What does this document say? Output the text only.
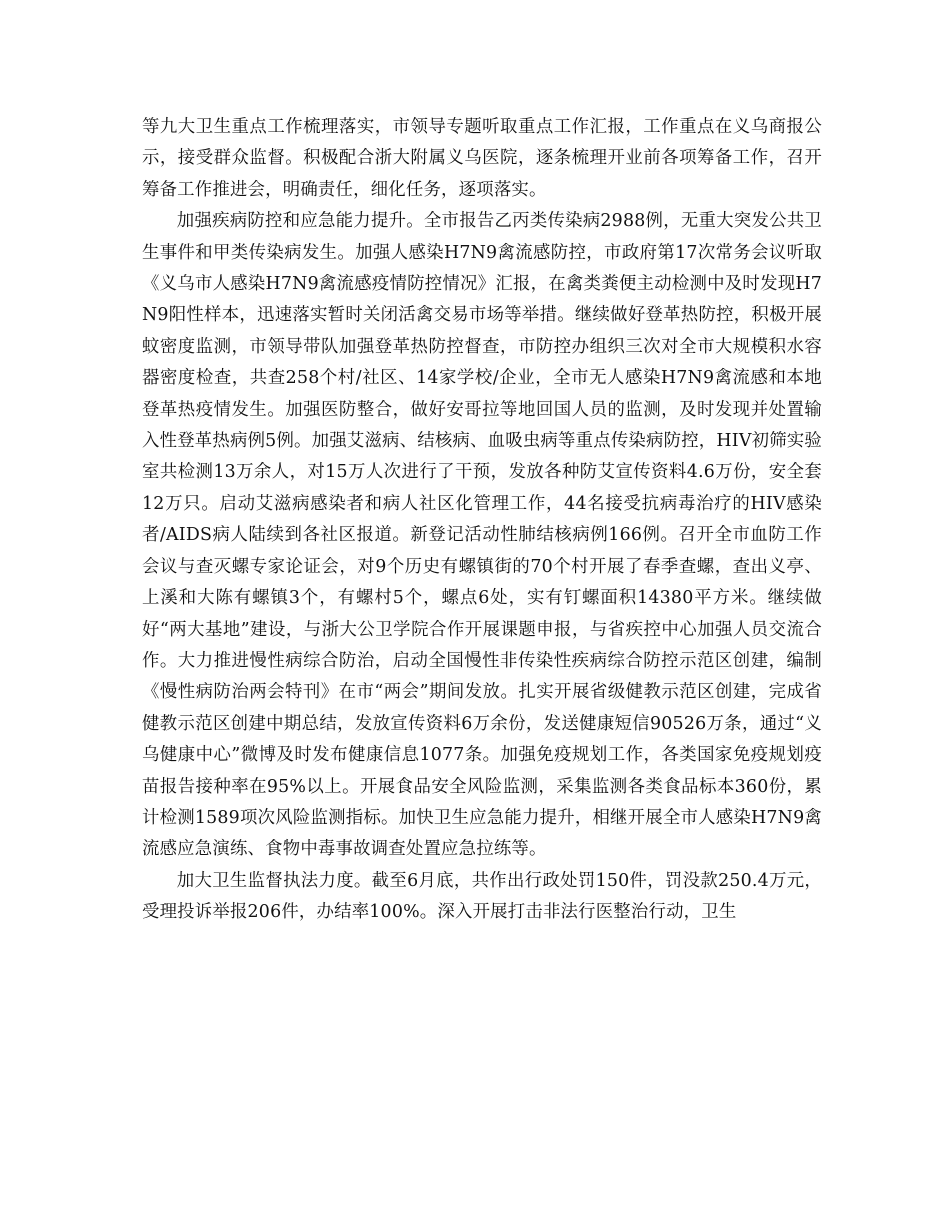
等九大卫生重点工作梳理落实，市领导专题听取重点工作汇报，工作重点在义乌商报公示，接受群众监督。积极配合浙大附属义乌医院，逐条梳理开业前各项筹备工作，召开筹备工作推进会，明确责任，细化任务，逐项落实。

加强疾病防控和应急能力提升。全市报告乙丙类传染病2988例，无重大突发公共卫生事件和甲类传染病发生。加强人感染H7N9禽流感防控，市政府第17次常务会议听取《义乌市人感染H7N9禽流感疫情防控情况》汇报，在禽类粪便主动检测中及时发现H7N9阳性样本，迅速落实暂时关闭活禽交易市场等举措。继续做好登革热防控，积极开展蚊密度监测，市领导带队加强登革热防控督查，市防控办组织三次对全市大规模积水容器密度检查，共查258个村/社区、14家学校/企业，全市无人感染H7N9禽流感和本地登革热疫情发生。加强医防整合，做好安哥拉等地回国人员的监测，及时发现并处置输入性登革热病例5例。加强艾滋病、结核病、血吸虫病等重点传染病防控，HIV初筛实验室共检测13万余人，对15万人次进行了干预，发放各种防艾宣传资料4.6万份，安全套12万只。启动艾滋病感染者和病人社区化管理工作，44名接受抗病毒治疗的HIV感染者/AIDS病人陆续到各社区报道。新登记活动性肺结核病例166例。召开全市血防工作会议与查灭螺专家论证会，对9个历史有螺镇街的70个村开展了春季查螺，查出义亭、上溪和大陈有螺镇3个，有螺村5个，螺点6处，实有钉螺面积14380平方米。继续做好“两大基地”建设，与浙大公卫学院合作开展课题申报，与省疾控中心加强人员交流合作。大力推进慢性病综合防治，启动全国慢性非传染性疾病综合防控示范区创建，编制《慢性病防治两会特刊》在市“两会”期间发放。扎实开展省级健教示范区创建，完成省健教示范区创建中期总结，发放宣传资料6万余份，发送健康短信90526万条，通过“义乌健康中心”微博及时发布健康信息1077条。加强免疫规划工作，各类国家免疫规划疫苗报告接种率在95%以上。开展食品安全风险监测，采集监测各类食品标本360份，累计检测1589项次风险监测指标。加快卫生应急能力提升，相继开展全市人感染H7N9禽流感应急演练、食物中毒事故调查处置应急拉练等。

加大卫生监督执法力度。截至6月底，共作出行政处罚150件，罚没款250.4万元，受理投诉举报206件，办结率100%。深入开展打击非法行医整治行动，卫生
